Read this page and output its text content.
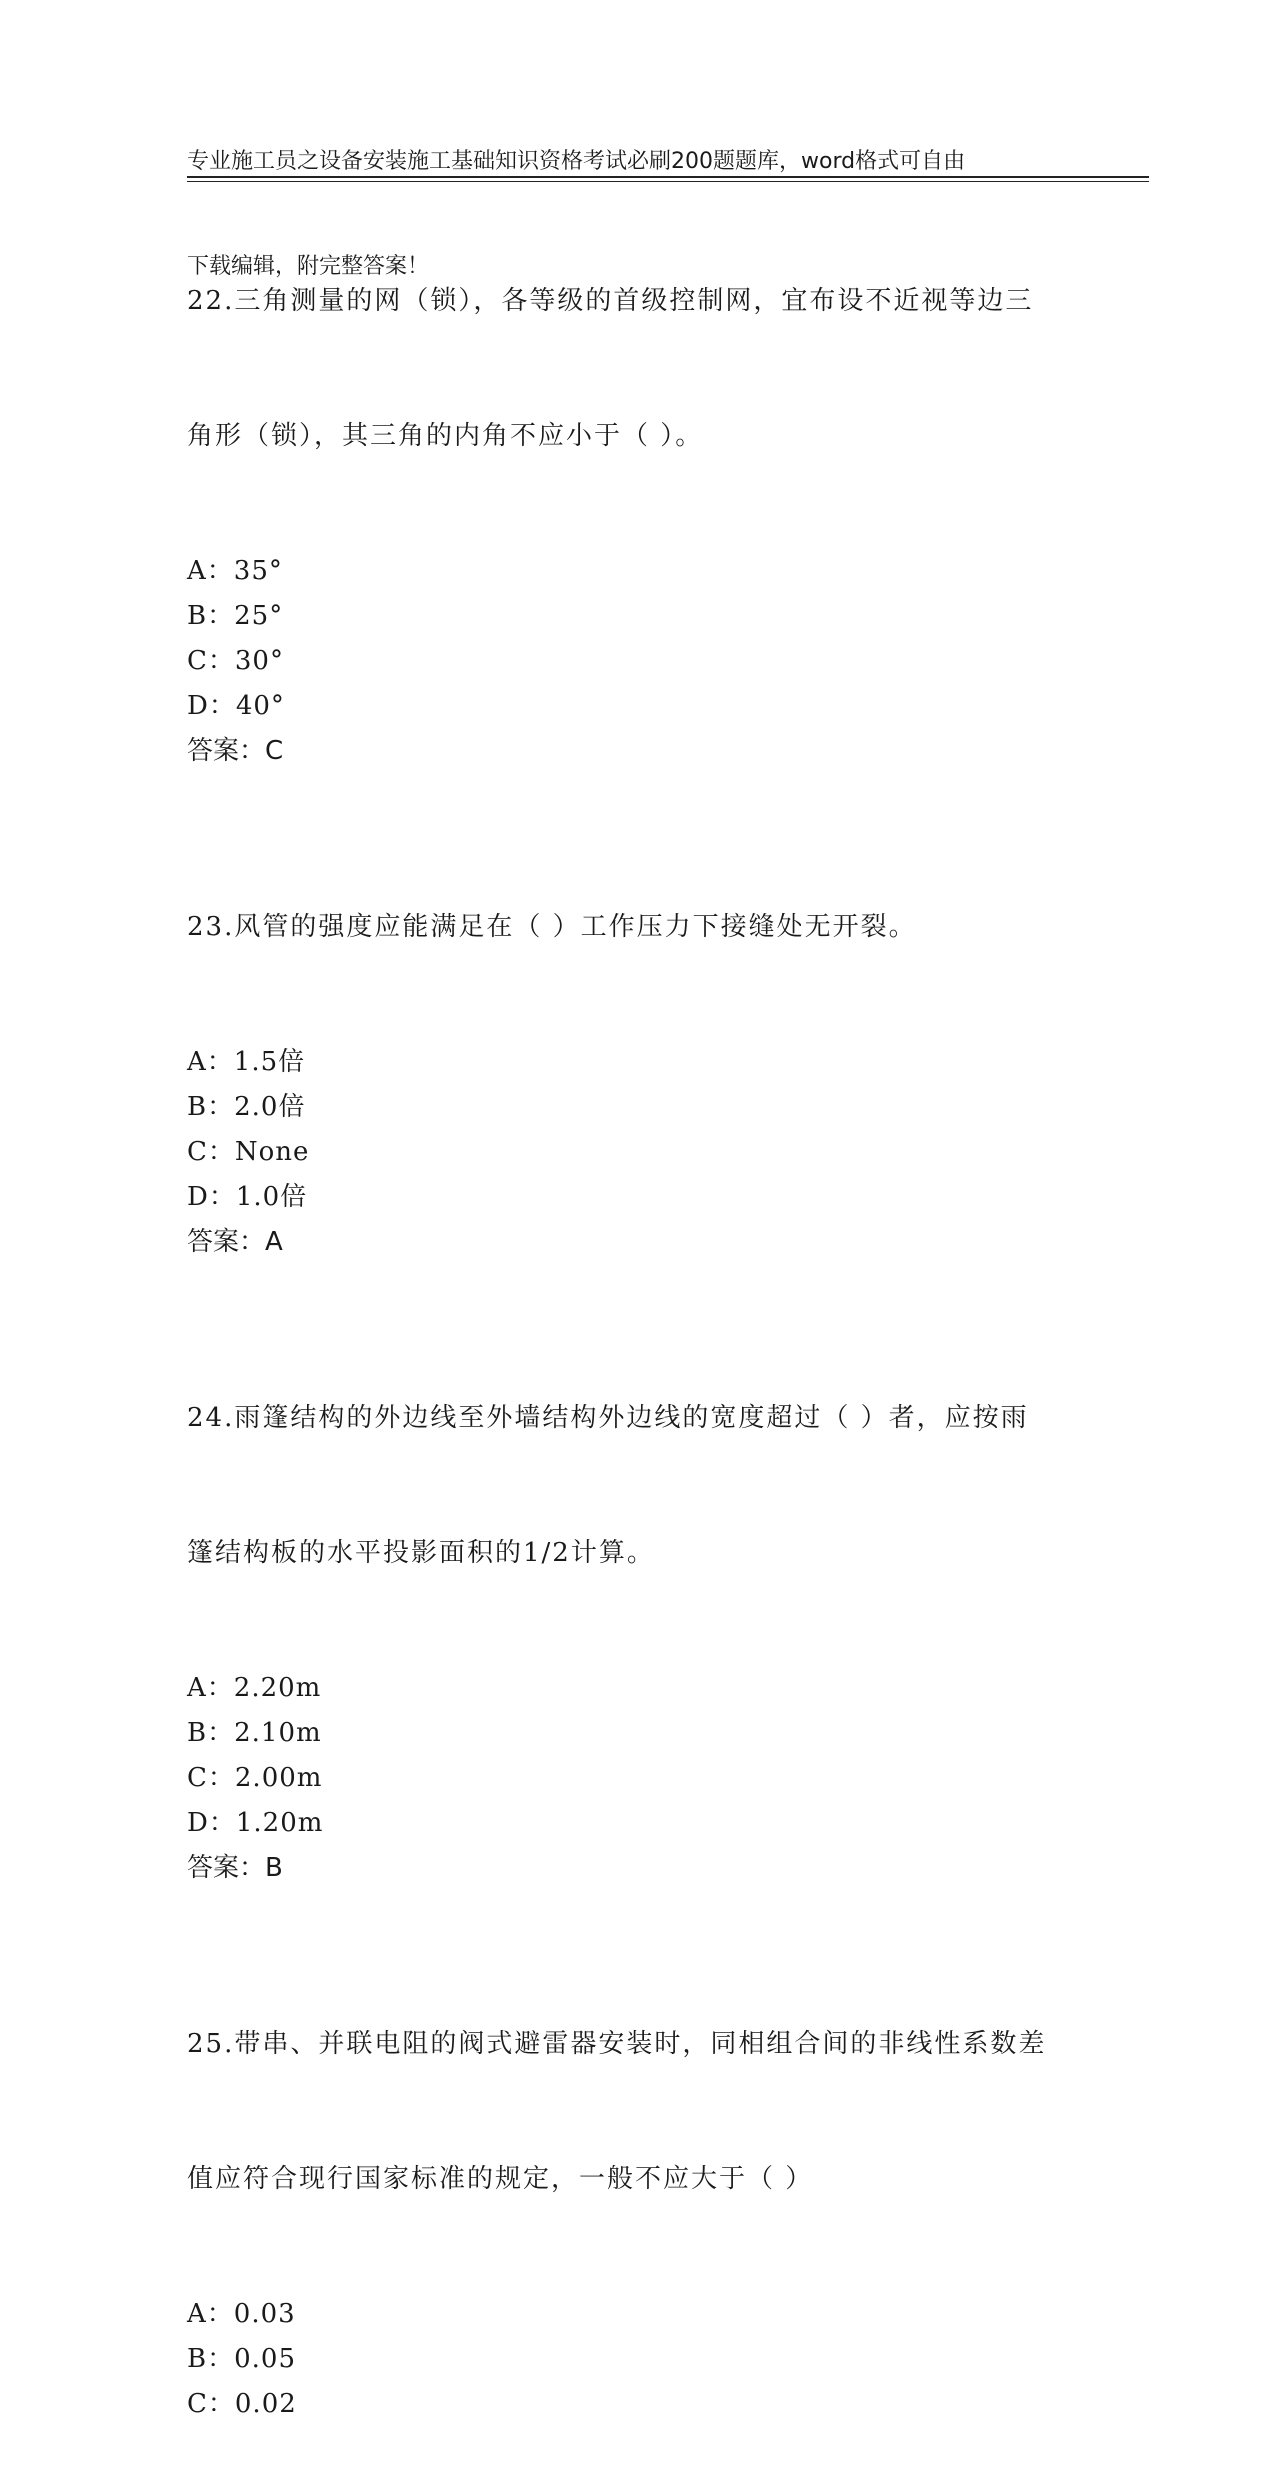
专业施工员之设备安装施工基础知识资格考试必刷200题题库，word格式可自由

下载编辑，附完整答案！

22.三角测量的网（锁），各等级的首级控制网，宜布设不近视等边三

角形（锁），其三角的内角不应小于（ ）。

A：35°
B：25°
C：30°
D：40°
答案：C

23.风管的强度应能满足在（ ）工作压力下接缝处无开裂。

A：1.5倍
B：2.0倍
C：None
D：1.0倍
答案：A

24.雨篷结构的外边线至外墙结构外边线的宽度超过（ ）者，应按雨

篷结构板的水平投影面积的1/2计算。

A：2.20m
B：2.10m
C：2.00m
D：1.20m
答案：B

25.带串、并联电阻的阀式避雷器安装时，同相组合间的非线性系数差

值应符合现行国家标准的规定，一般不应大于（ ）

A：0.03
B：0.05
C：0.02
